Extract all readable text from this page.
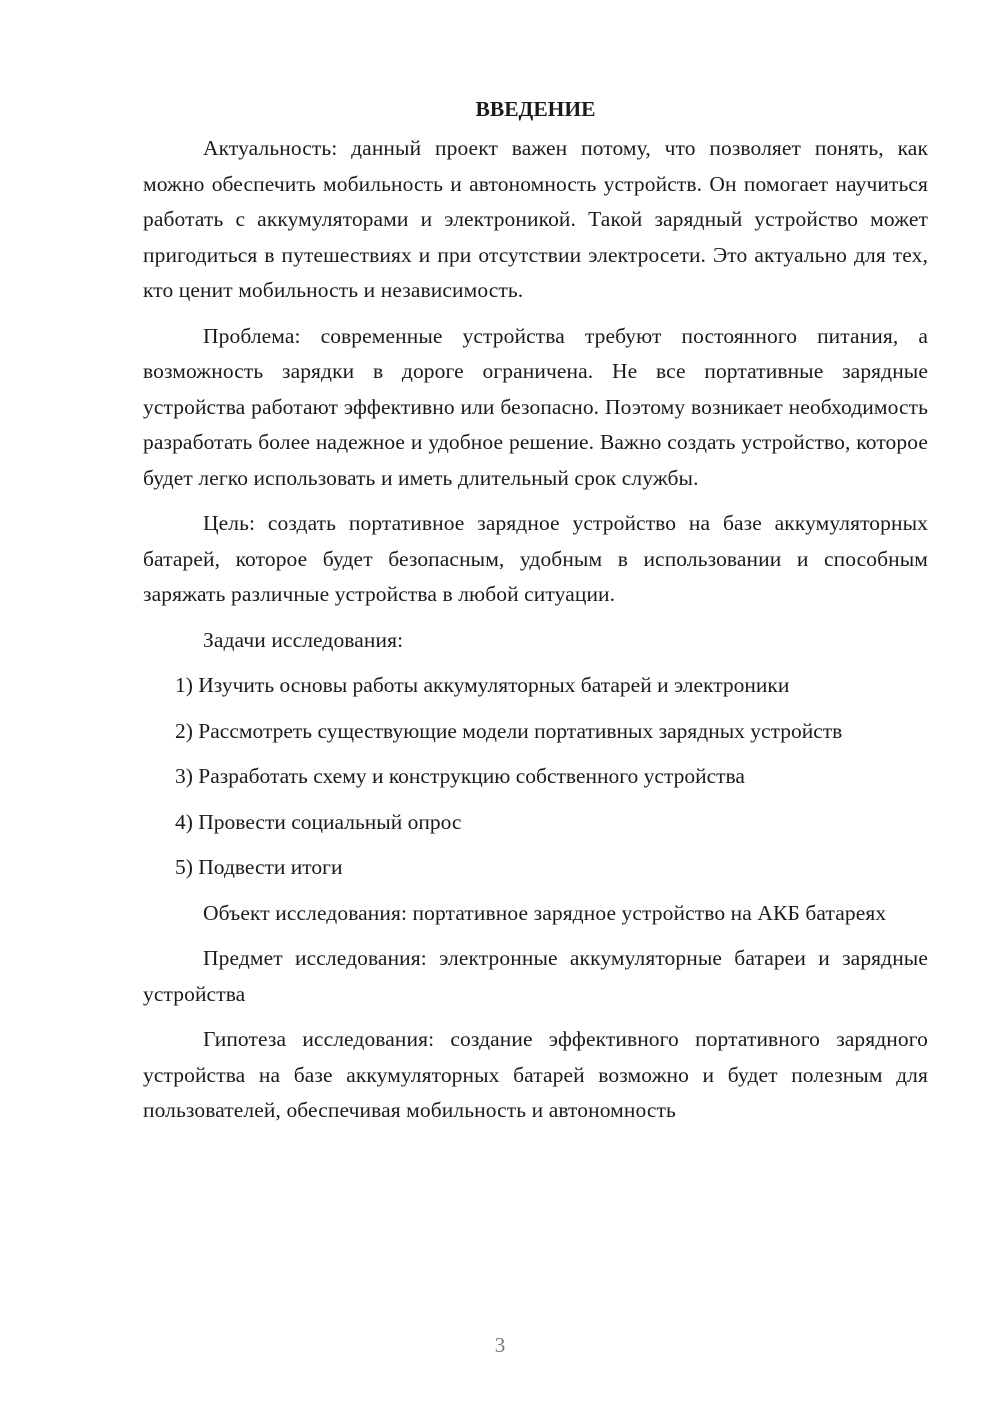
ВВЕДЕНИЕ

Актуальность: данный проект важен потому, что позволяет понять, как можно обеспечить мобильность и автономность устройств. Он помогает научиться работать с аккумуляторами и электроникой. Такой зарядный устройство может пригодиться в путешествиях и при отсутствии электросети. Это актуально для тех, кто ценит мобильность и независимость.

Проблема: современные устройства требуют постоянного питания, а возможность зарядки в дороге ограничена. Не все портативные зарядные устройства работают эффективно или безопасно. Поэтому возникает необходимость разработать более надежное и удобное решение. Важно создать устройство, которое будет легко использовать и иметь длительный срок службы.

Цель: создать портативное зарядное устройство на базе аккумуляторных батарей, которое будет безопасным, удобным в использовании и способным заряжать различные устройства в любой ситуации.

Задачи исследования:

1) Изучить основы работы аккумуляторных батарей и электроники

2) Рассмотреть существующие модели портативных зарядных устройств

3) Разработать схему и конструкцию собственного устройства

4) Провести социальный опрос

5) Подвести итоги

Объект исследования: портативное зарядное устройство на АКБ батареях

Предмет исследования: электронные аккумуляторные батареи и зарядные устройства

Гипотеза исследования: создание эффективного портативного зарядного устройства на базе аккумуляторных батарей возможно и будет полезным для пользователей, обеспечивая мобильность и автономность

3
